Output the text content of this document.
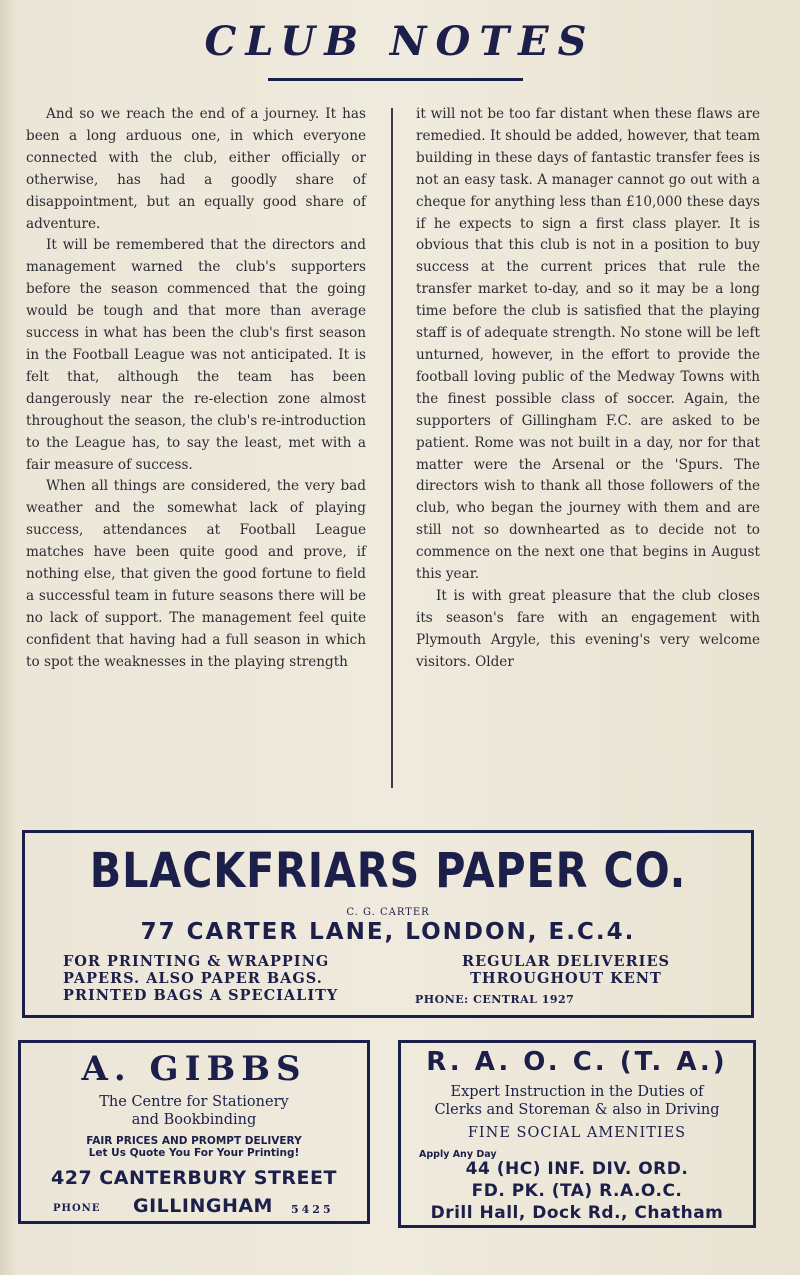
CLUB NOTES

And so we reach the end of a journey. It has been a long arduous one, in which everyone connected with the club, either officially or otherwise, has had a goodly share of disappointment, but an equally good share of adventure.

It will be remembered that the directors and management warned the club's supporters before the season commenced that the going would be tough and that more than average success in what has been the club's first season in the Football League was not anticipated. It is felt that, although the team has been dangerously near the re-election zone almost throughout the season, the club's re-introduction to the League has, to say the least, met with a fair measure of success.

When all things are considered, the very bad weather and the somewhat lack of playing success, attendances at Football League matches have been quite good and prove, if nothing else, that given the good fortune to field a successful team in future seasons there will be no lack of support. The management feel quite confident that having had a full season in which to spot the weaknesses in the playing strength

it will not be too far distant when these flaws are remedied. It should be added, however, that team building in these days of fantastic transfer fees is not an easy task. A manager cannot go out with a cheque for anything less than £10,000 these days if he expects to sign a first class player. It is obvious that this club is not in a position to buy success at the current prices that rule the transfer market to-day, and so it may be a long time before the club is satisfied that the playing staff is of adequate strength. No stone will be left unturned, however, in the effort to provide the football loving public of the Medway Towns with the finest possible class of soccer. Again, the supporters of Gillingham F.C. are asked to be patient. Rome was not built in a day, nor for that matter were the Arsenal or the 'Spurs. The directors wish to thank all those followers of the club, who began the journey with them and are still not so downhearted as to decide not to commence on the next one that begins in August this year.

It is with great pleasure that the club closes its season's fare with an engagement with Plymouth Argyle, this evening's very welcome visitors. Older

BLACKFRIARS PAPER CO.
C. G. CARTER
77 CARTER LANE, LONDON, E.C.4.
FOR PRINTING & WRAPPING
PAPERS. ALSO PAPER BAGS.
PRINTED BAGS A SPECIALITY
REGULAR DELIVERIES
THROUGHOUT KENT
PHONE: CENTRAL 1927
A. GIBBS
The Centre for Stationery
and Bookbinding
FAIR PRICES AND PROMPT DELIVERY
Let Us Quote You For Your Printing!
427 CANTERBURY STREET
PHONE GILLINGHAM 5425
R. A. O. C. (T. A.)
Expert Instruction in the Duties of
Clerks and Storeman & also in Driving
FINE SOCIAL AMENITIES
Apply Any Day
44 (HC) INF. DIV. ORD.
FD. PK. (TA) R.A.O.C.
Drill Hall, Dock Rd., Chatham
